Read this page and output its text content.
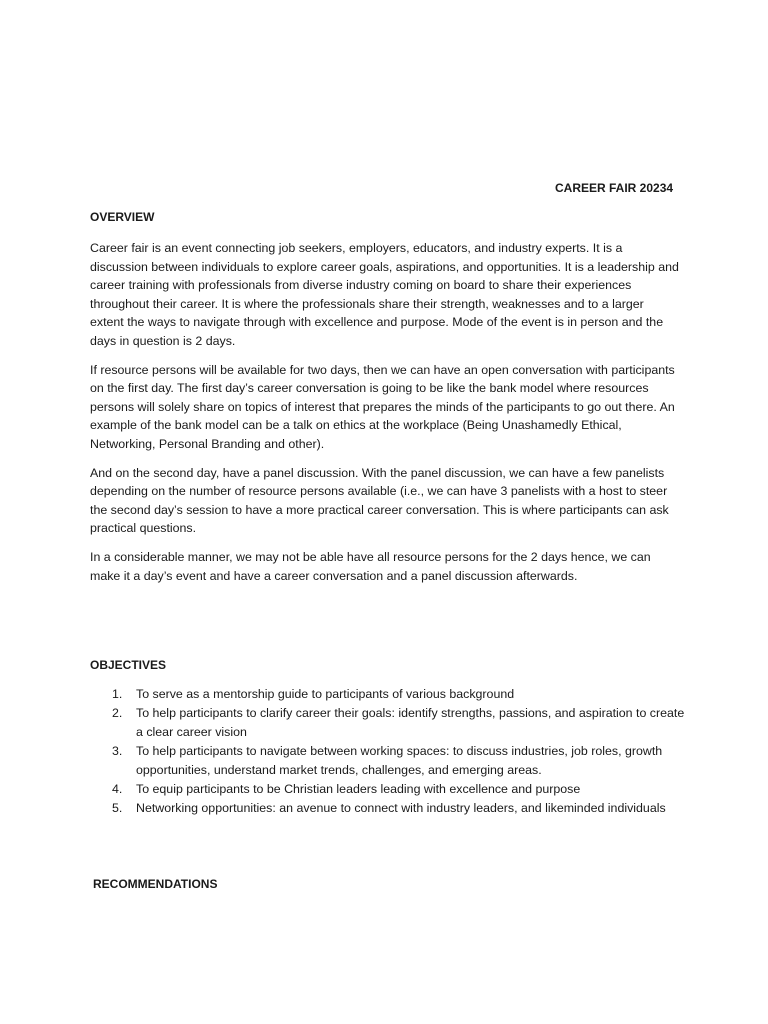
CAREER FAIR 20234
OVERVIEW

Career fair is an event connecting job seekers, employers, educators, and industry experts. It is a discussion between individuals to explore career goals, aspirations, and opportunities. It is a leadership and career training with professionals from diverse industry coming on board to share their experiences throughout their career. It is where the professionals share their strength, weaknesses and to a larger extent the ways to navigate through with excellence and purpose. Mode of the event is in person and the days in question is 2 days.

If resource persons will be available for two days, then we can have an open conversation with participants on the first day. The first day’s career conversation is going to be like the bank model where resources persons will solely share on topics of interest that prepares the minds of the participants to go out there. An example of the bank model can be a talk on ethics at the workplace (Being Unashamedly Ethical, Networking, Personal Branding and other).

And on the second day, have a panel discussion. With the panel discussion, we can have a few panelists depending on the number of resource persons available (i.e., we can have 3 panelists with a host to steer the second day’s session to have a more practical career conversation. This is where participants can ask practical questions.

In a considerable manner, we may not be able have all resource persons for the 2 days hence, we can make it a day’s event and have a career conversation and a panel discussion afterwards.

OBJECTIVES
1.	To serve as a mentorship guide to participants of various background
2.	To help participants to clarify career their goals: identify strengths, passions, and aspiration to create a clear career vision
3.	To help participants to navigate between working spaces: to discuss industries, job roles, growth opportunities, understand market trends, challenges, and emerging areas.
4.	To equip participants to be Christian leaders leading with excellence and purpose
5.	Networking opportunities: an avenue to connect with industry leaders, and likeminded individuals
RECOMMENDATIONS
